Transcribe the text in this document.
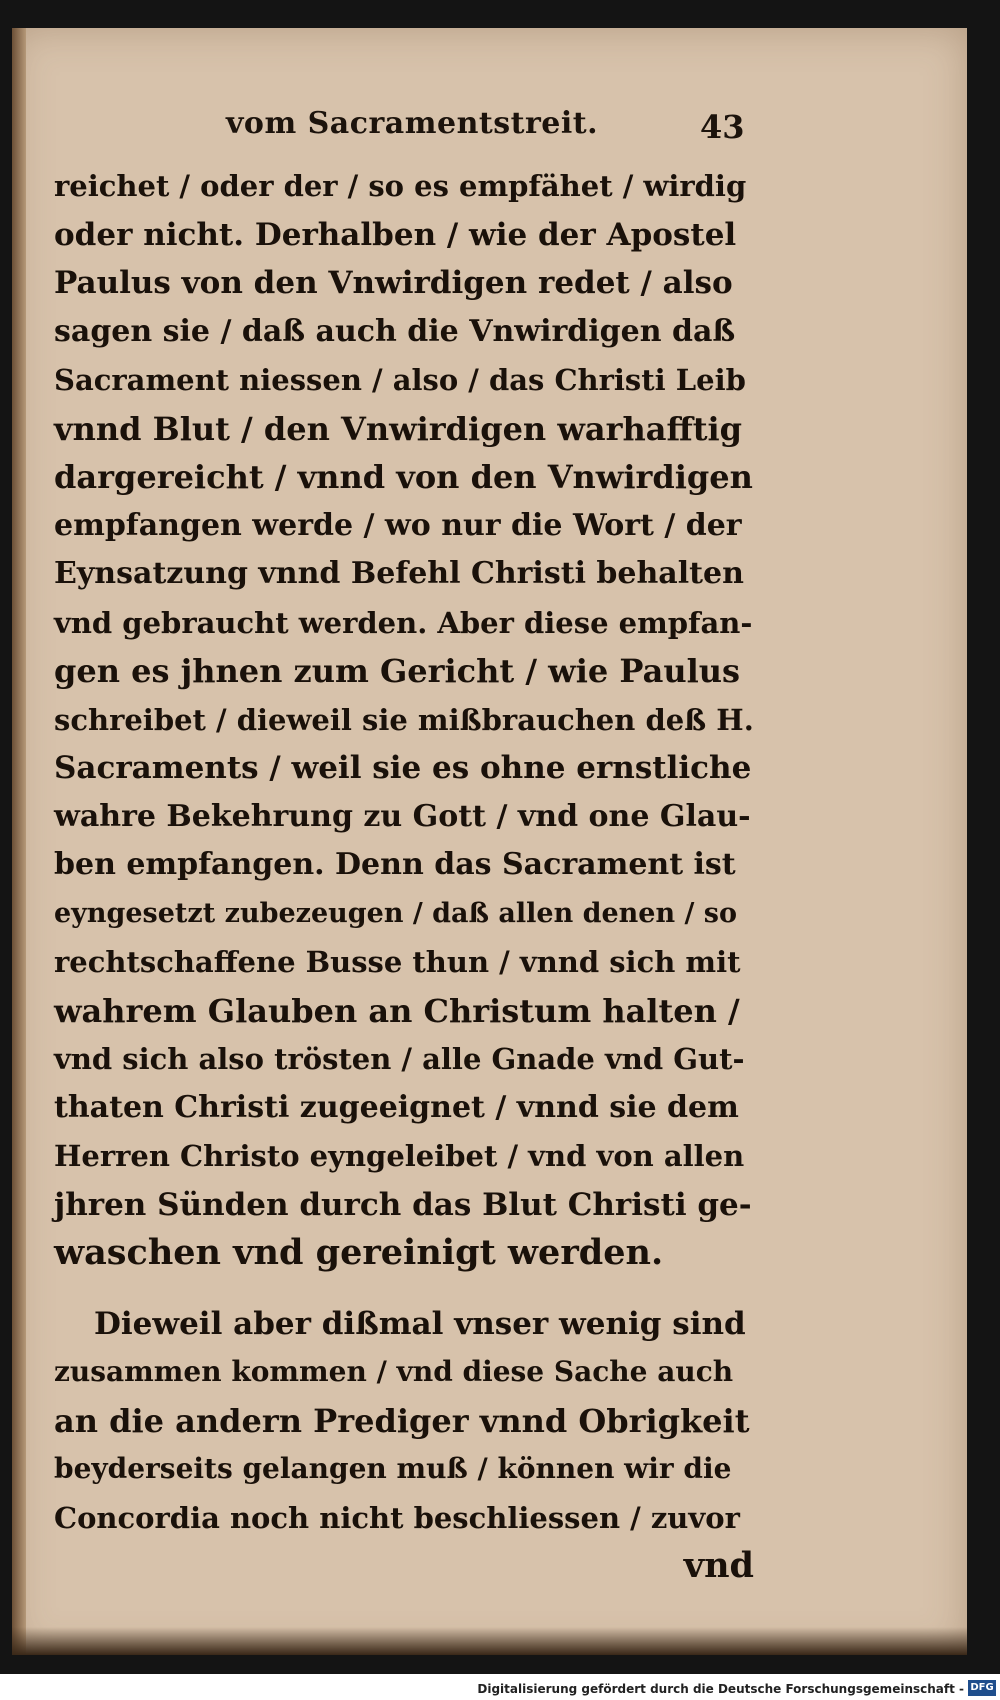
vom Sacramentstreit.	43
reichet / oder der / so es empfähet / wirdig
oder nicht. Derhalben / wie der Apostel
Paulus von den Vnwirdigen redet / also
sagen sie / daß auch die Vnwirdigen daß
Sacrament niessen / also / das Christi Leib
vnnd Blut / den Vnwirdigen warhafftig
dargereicht / vnnd von den Vnwirdigen
empfangen werde / wo nur die Wort / der
Eynsatzung vnnd Befehl Christi behalten
vnd gebraucht werden. Aber diese empfan-
gen es jhnen zum Gericht / wie Paulus
schreibet / dieweil sie mißbrauchen deß H.
Sacraments / weil sie es ohne ernstliche
wahre Bekehrung zu Gott / vnd one Glau-
ben empfangen. Denn das Sacrament ist
eyngesetzt zubezeugen / daß allen denen / so
rechtschaffene Busse thun / vnnd sich mit
wahrem Glauben an Christum halten /
vnd sich also trösten / alle Gnade vnd Gut-
thaten Christi zugeeignet / vnnd sie dem
Herren Christo eyngeleibet / vnd von allen
jhren Sünden durch das Blut Christi ge-
waschen vnd gereinigt werden.
Dieweil aber dißmal vnser wenig sind
zusammen kommen / vnd diese Sache auch
an die andern Prediger vnnd Obrigkeit
beyderseits gelangen muß / können wir die
Concordia noch nicht beschliessen / zuvor
vnd
Digitalisierung gefördert durch die Deutsche Forschungsgemeinschaft - DFG
